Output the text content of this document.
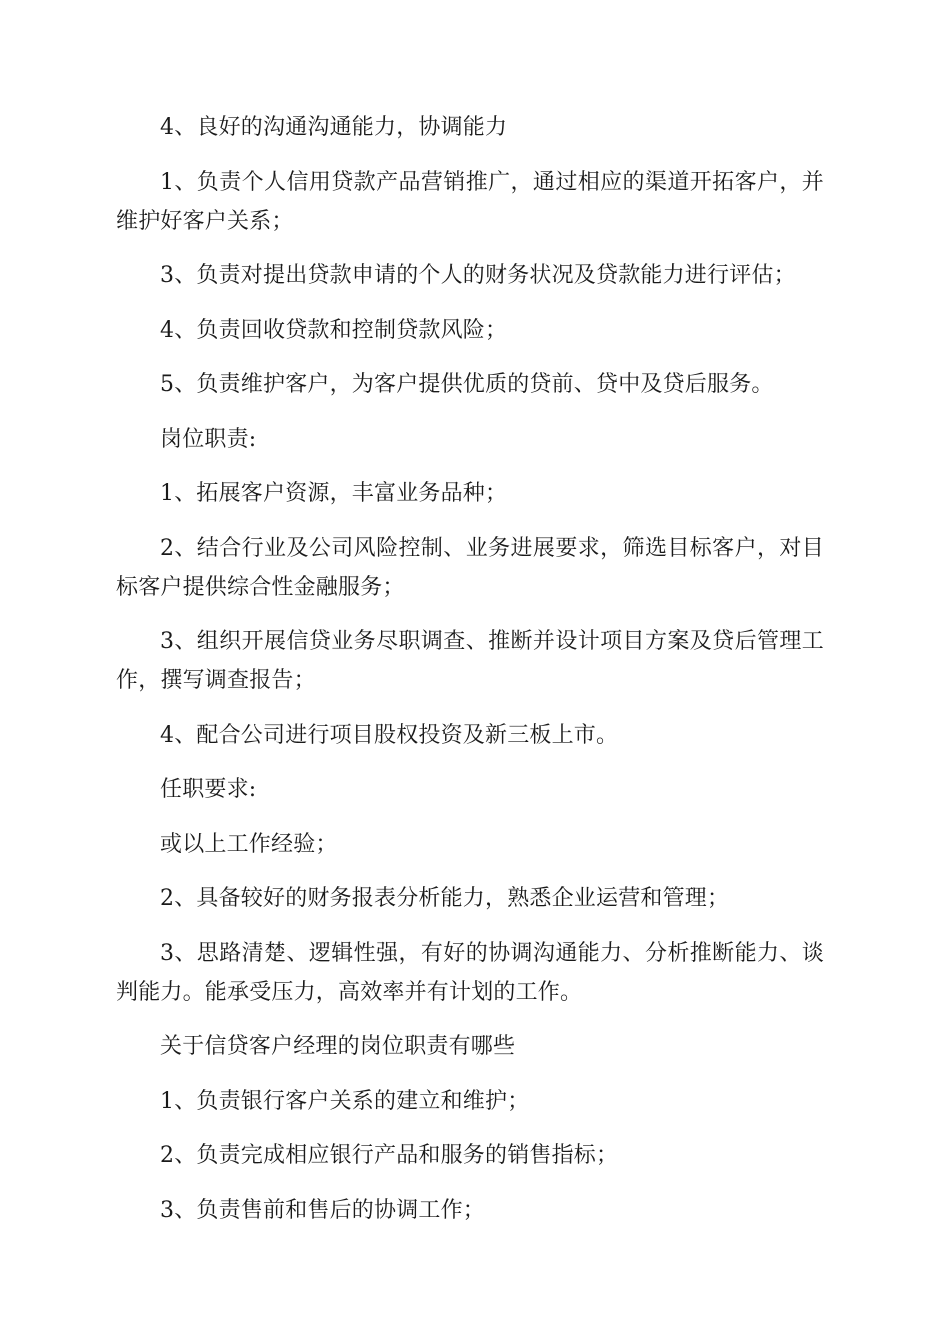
4、良好的沟通沟通能力，协调能力

1、负责个人信用贷款产品营销推广，通过相应的渠道开拓客户，并维护好客户关系；

3、负责对提出贷款申请的个人的财务状况及贷款能力进行评估；

4、负责回收贷款和控制贷款风险；

5、负责维护客户，为客户提供优质的贷前、贷中及贷后服务。

岗位职责:

1、拓展客户资源，丰富业务品种；

2、结合行业及公司风险控制、业务进展要求，筛选目标客户，对目标客户提供综合性金融服务；

3、组织开展信贷业务尽职调查、推断并设计项目方案及贷后管理工作，撰写调查报告；

4、配合公司进行项目股权投资及新三板上市。

任职要求:

或以上工作经验；

2、具备较好的财务报表分析能力，熟悉企业运营和管理；

3、思路清楚、逻辑性强，有好的协调沟通能力、分析推断能力、谈判能力。能承受压力，高效率并有计划的工作。

关于信贷客户经理的岗位职责有哪些

1、负责银行客户关系的建立和维护；

2、负责完成相应银行产品和服务的销售指标；

3、负责售前和售后的协调工作；
